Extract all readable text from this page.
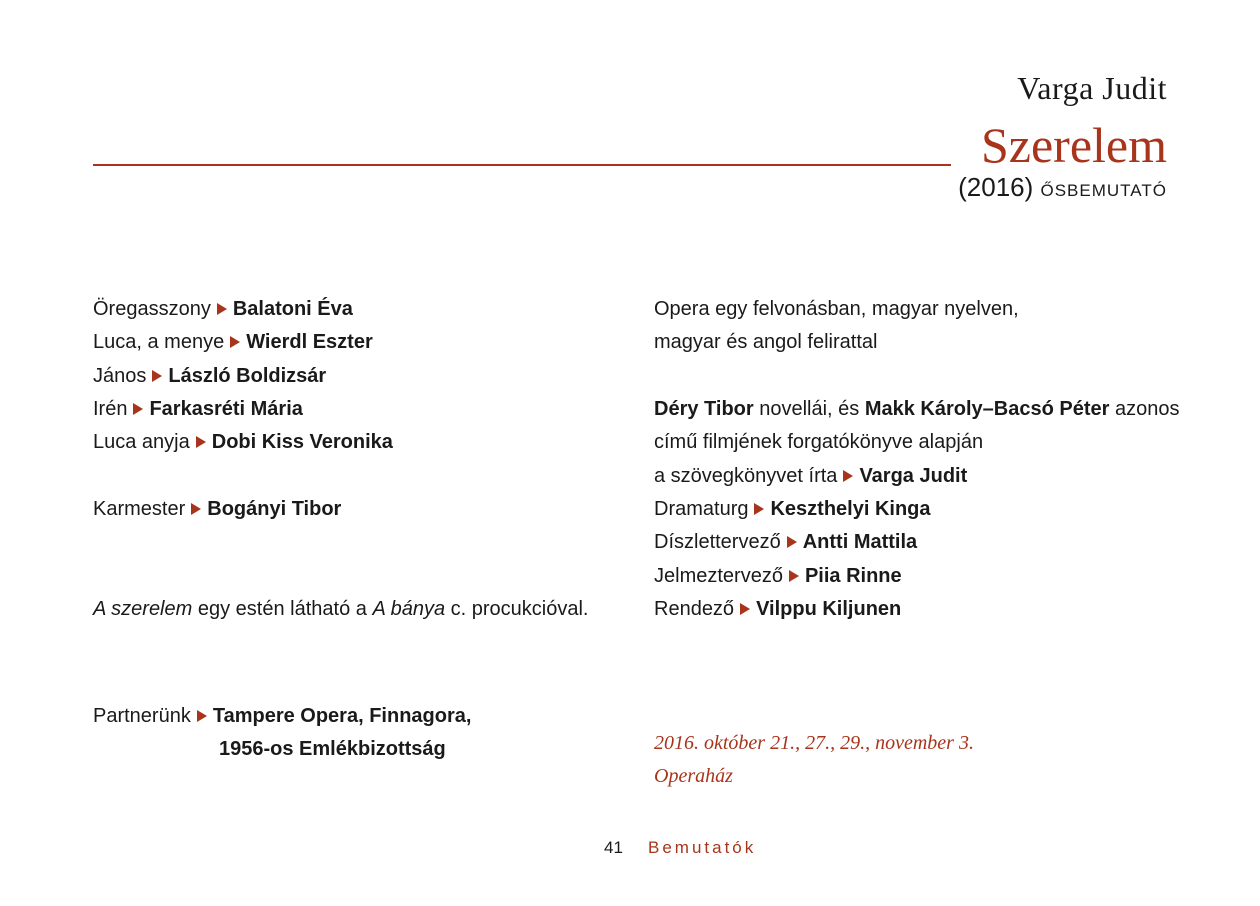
Varga Judit
Szerelem
(2016) ŐSBEMUTATÓ
Öregasszony Balatoni Éva
Luca, a menye Wierdl Eszter
János László Boldizsár
Irén Farkasréti Mária
Luca anyja Dobi Kiss Veronika
Karmester Bogányi Tibor
A szerelem egy estén látható a A bánya c. procukcióval.
Partnerünk Tampere Opera, Finnagora,
1956-os Emlékbizottság
Opera egy felvonásban, magyar nyelven,
magyar és angol felirattal
Déry Tibor novellái, és Makk Károly–Bacsó Péter azonos
című filmjének forgatókönyve alapján
a szövegkönyvet írta Varga Judit
Dramaturg Keszthelyi Kinga
Díszlettervező Antti Mattila
Jelmeztervező Piia Rinne
Rendező Vilppu Kiljunen
2016. október 21., 27., 29., november 3.
Operaház
41 Bemutatók
